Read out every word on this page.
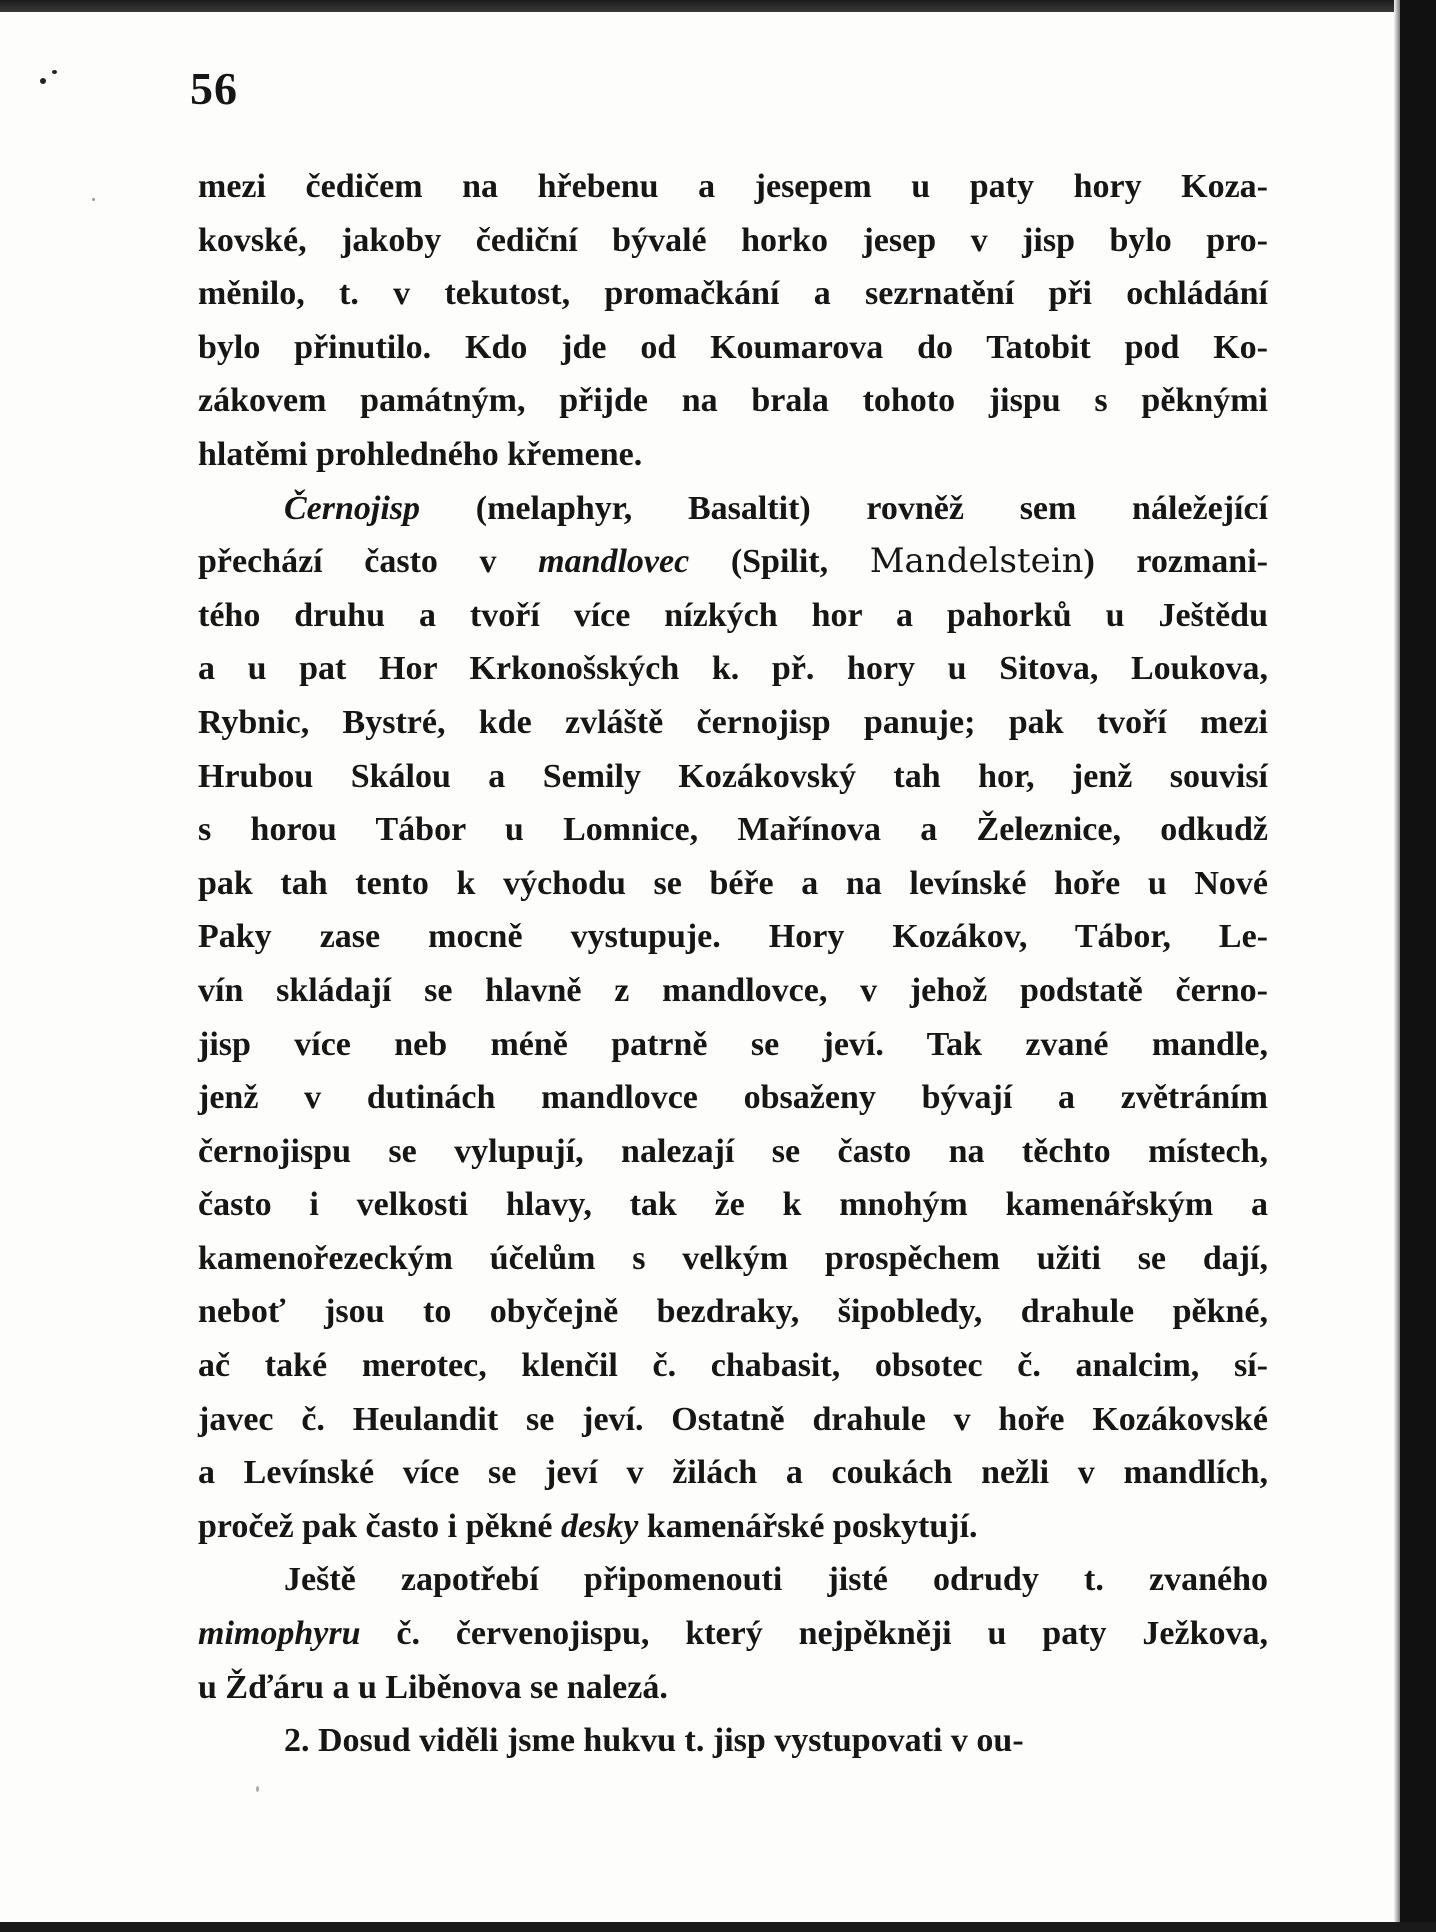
56
mezi čedičem na hřebenu a jesepem u paty hory Koza-
kovské, jakoby čediční bývalé horko jesep v jisp bylo pro-
měnilo, t. v tekutost, promačkání a sezrnatění při ochládání
bylo přinutilo. Kdo jde od Koumarova do Tatobit pod Ko-
zákovem památným, přijde na brala tohoto jispu s pěknými
hlatěmi prohledného křemene.
Černojisp (melaphyr, Basaltit) rovněž sem náležející
přechází často v mandlovec (Spilit, Mandelstein) rozmani-
tého druhu a tvoří více nízkých hor a pahorků u Ještědu
a u pat Hor Krkonošských k. př. hory u Sitova, Loukova,
Rybnic, Bystré, kde zvláště černojisp panuje; pak tvoří mezi
Hrubou Skálou a Semily Kozákovský tah hor, jenž souvisí
s horou Tábor u Lomnice, Mařínova a Železnice, odkudž
pak tah tento k východu se béře a na levínské hoře u Nové
Paky zase mocně vystupuje. Hory Kozákov, Tábor, Le-
vín skládají se hlavně z mandlovce, v jehož podstatě černo-
jisp více neb méně patrně se jeví. Tak zvané mandle,
jenž v dutinách mandlovce obsaženy bývají a zvětráním
černojispu se vylupují, nalezají se často na těchto místech,
často i velkosti hlavy, tak že k mnohým kamenářským a
kamenořezeckým účelům s velkým prospěchem užiti se dají,
neboť jsou to obyčejně bezdraky, šipobledy, drahule pěkné,
ač také merotec, klenčil č. chabasit, obsotec č. analcim, sí-
javec č. Heulandit se jeví. Ostatně drahule v hoře Kozákovské
a Levínské více se jeví v žilách a coukách nežli v mandlích,
pročež pak často i pěkné desky kamenářské poskytují.
Ještě zapotřebí připomenouti jisté odrudy t. zvaného
mimophyru č. červenojispu, který nejpěkněji u paty Ježkova,
u Žďáru a u Liběnova se nalezá.
2. Dosud viděli jsme hukvu t. jisp vystupovati v ou-
